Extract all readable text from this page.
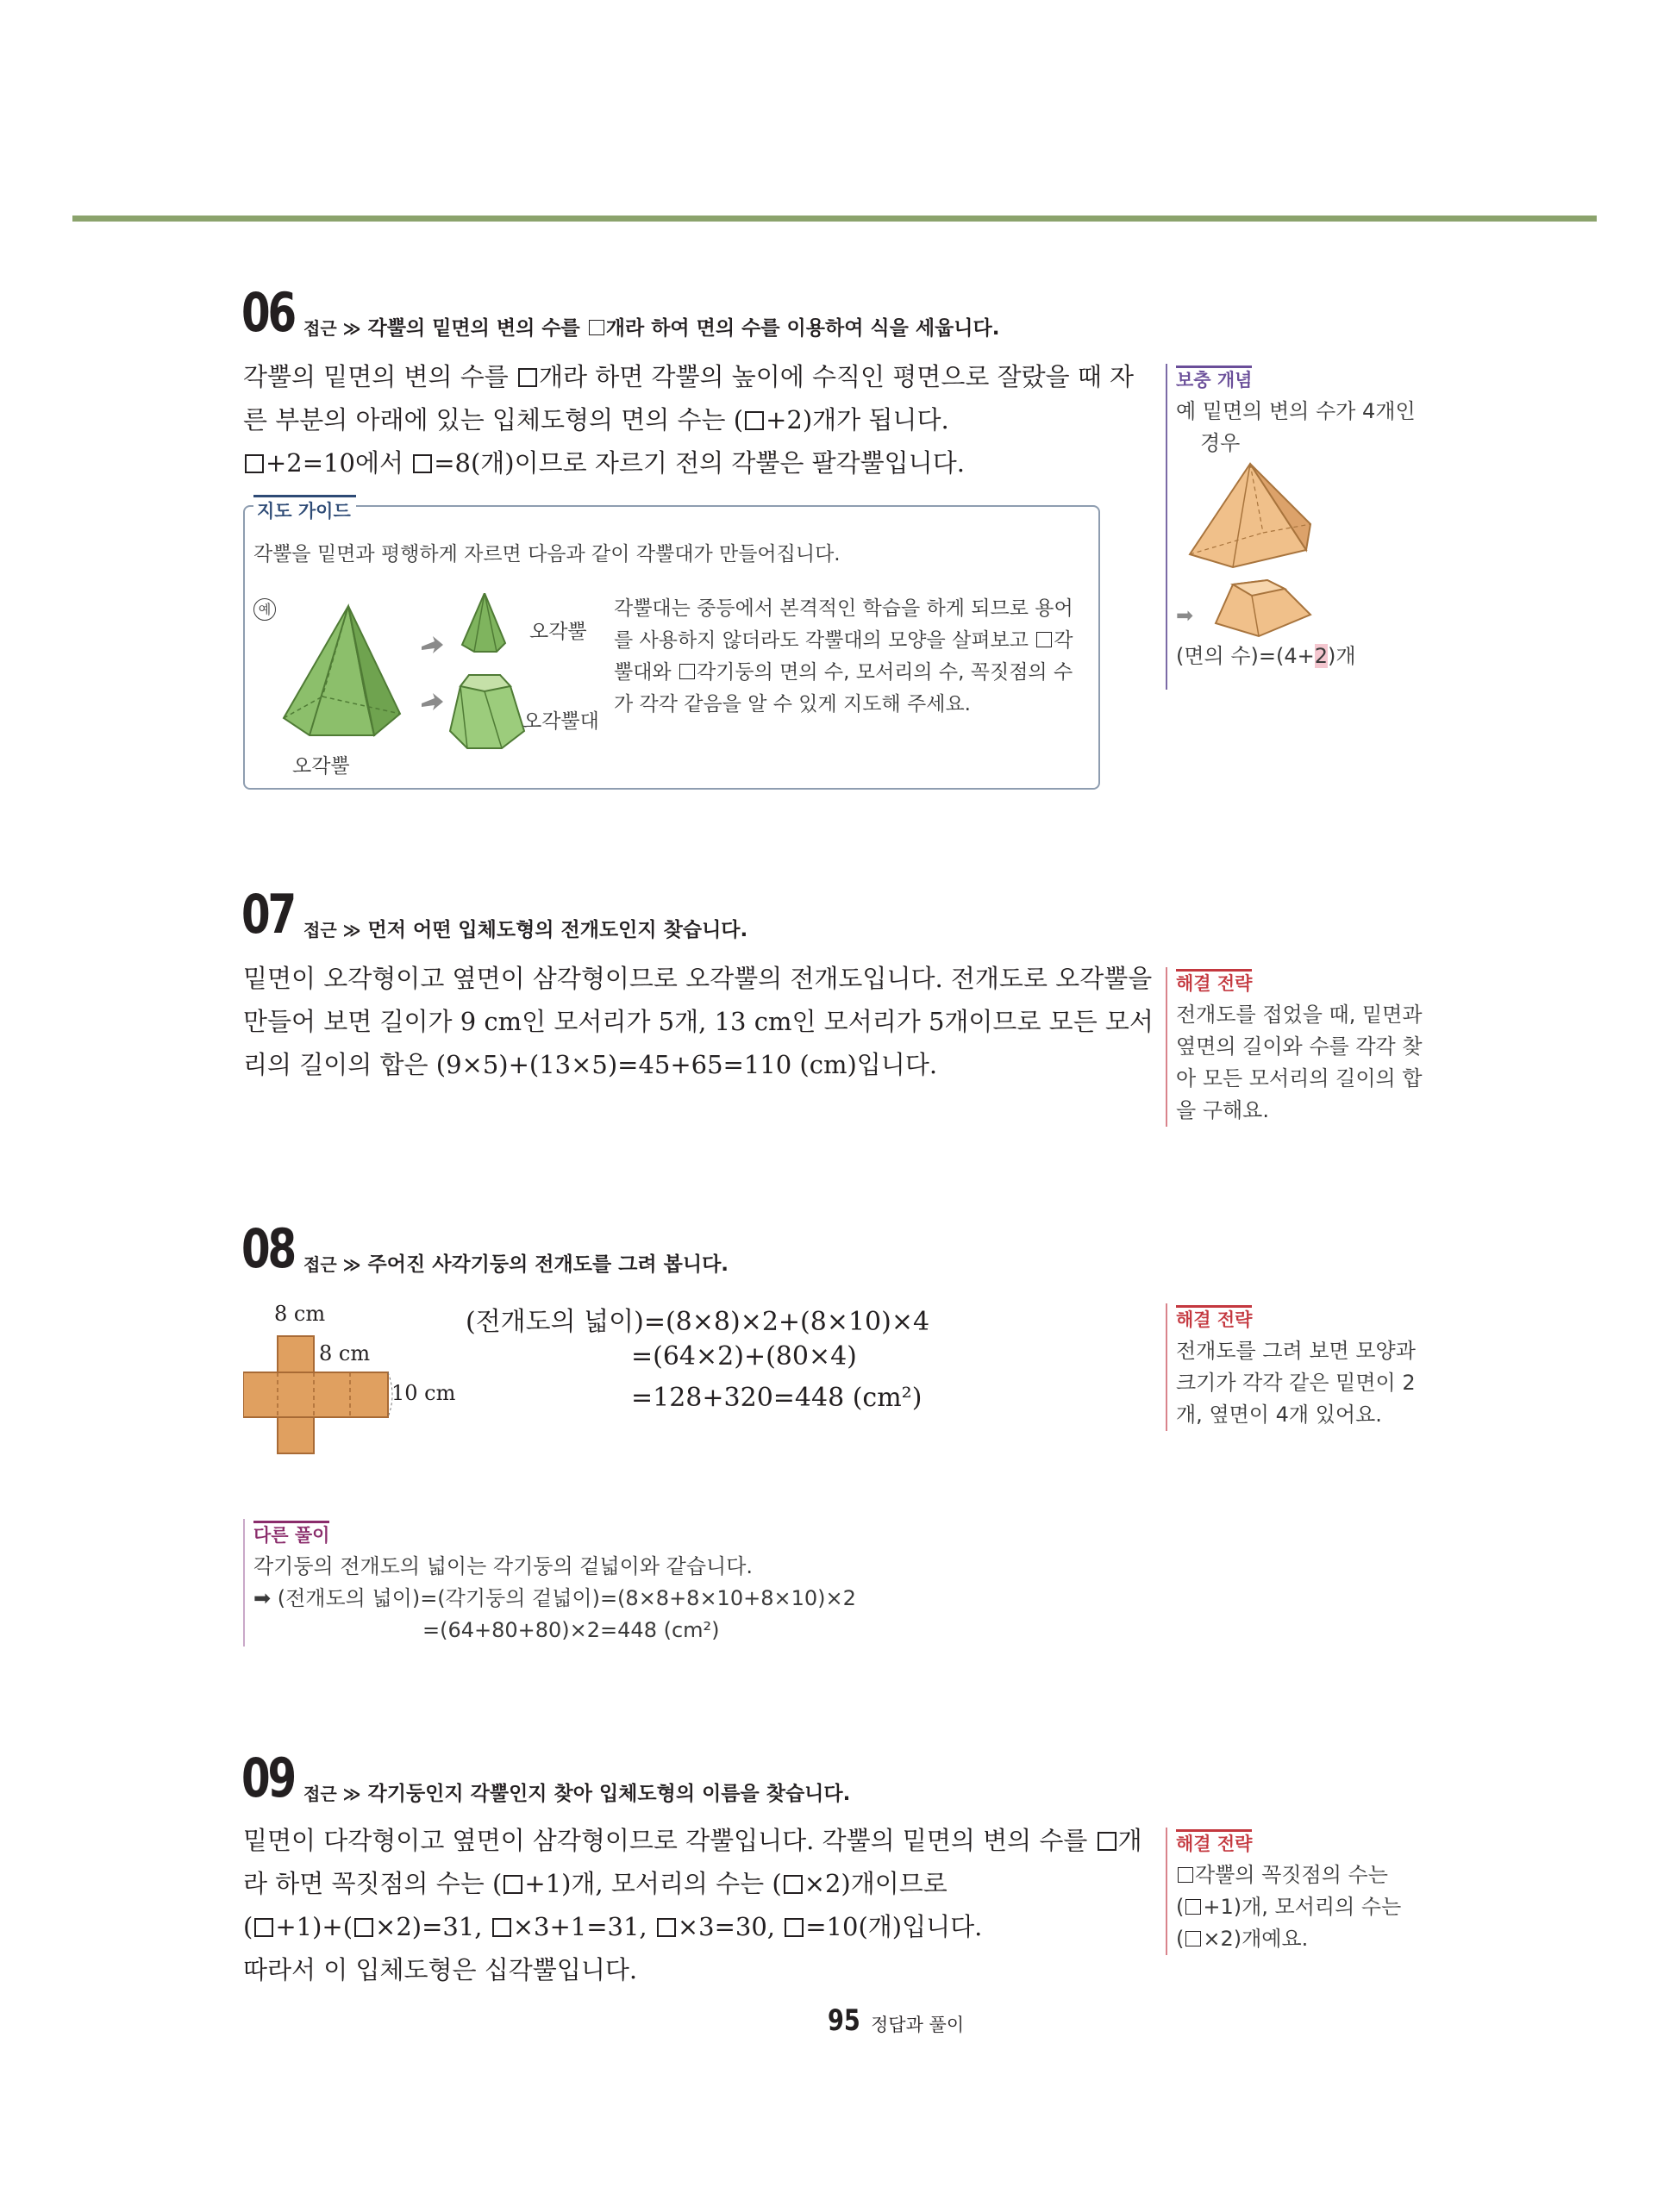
06 접근 ≫ 각뿔의 밑면의 변의 수를 개라 하여 면의 수를 이용하여 식을 세웁니다.
각뿔의 밑면의 변의 수를 개라 하면 각뿔의 높이에 수직인 평면으로 잘랐을 때 자
른 부분의 아래에 있는 입체도형의 면의 수는 ( +2)개가 됩니다.
+2=10에서 =8(개)이므로 자르기 전의 각뿔은 팔각뿔입니다.
지도 가이드
각뿔을 밑면과 평행하게 자르면 다음과 같이 각뿔대가 만들어집니다.
예
오각뿔
오각뿔대
오각뿔
각뿔대는 중등에서 본격적인 학습을 하게 되므로 용어
를 사용하지 않더라도 각뿔대의 모양을 살펴보고 각
뿔대와 각기둥의 면의 수, 모서리의 수, 꼭짓점의 수
가 각각 같음을 알 수 있게 지도해 주세요.
보충 개념
예 밑면의 변의 수가 4개인
경우
➡
(면의 수)=(4+2)개
07 접근 ≫ 먼저 어떤 입체도형의 전개도인지 찾습니다.
밑면이 오각형이고 옆면이 삼각형이므로 오각뿔의 전개도입니다. 전개도로 오각뿔을
만들어 보면 길이가 9 cm인 모서리가 5개, 13 cm인 모서리가 5개이므로 모든 모서
리의 길이의 합은 (9×5)+(13×5)=45+65=110 (cm)입니다.
해결 전략
전개도를 접었을 때, 밑면과
옆면의 길이와 수를 각각 찾
아 모든 모서리의 길이의 합
을 구해요.
08 접근 ≫ 주어진 사각기둥의 전개도를 그려 봅니다.
8 cm
8 cm
10 cm
(전개도의 넓이)=(8×8)×2+(8×10)×4
=(64×2)+(80×4)
=128+320=448 (cm²)
해결 전략
전개도를 그려 보면 모양과
크기가 각각 같은 밑면이 2
개, 옆면이 4개 있어요.
다른 풀이
각기둥의 전개도의 넓이는 각기둥의 겉넓이와 같습니다.
➡ (전개도의 넓이)=(각기둥의 겉넓이)=(8×8+8×10+8×10)×2
=(64+80+80)×2=448 (cm²)
09 접근 ≫ 각기둥인지 각뿔인지 찾아 입체도형의 이름을 찾습니다.
밑면이 다각형이고 옆면이 삼각형이므로 각뿔입니다. 각뿔의 밑면의 변의 수를 개
라 하면 꼭짓점의 수는 ( +1)개, 모서리의 수는 ( ×2)개이므로
( +1)+( ×2)=31, ×3+1=31, ×3=30, =10(개)입니다.
따라서 이 입체도형은 십각뿔입니다.
해결 전략
각뿔의 꼭짓점의 수는
( +1)개, 모서리의 수는
( ×2)개예요.
95 정답과 풀이
